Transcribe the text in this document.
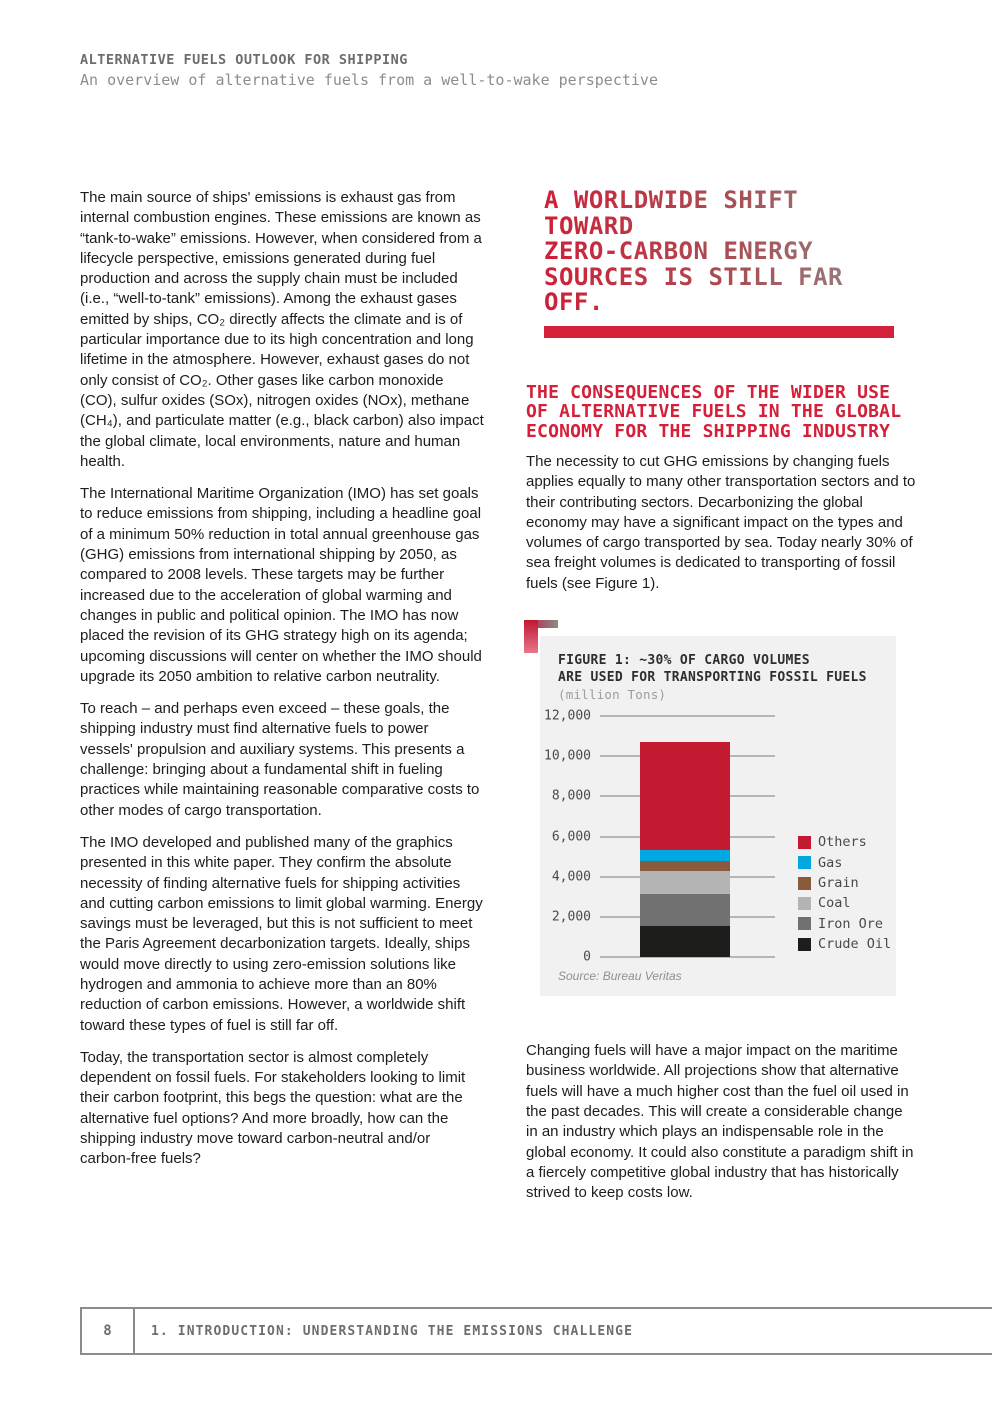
ALTERNATIVE FUELS OUTLOOK FOR SHIPPING
An overview of alternative fuels from a well-to-wake perspective

The main source of ships' emissions is exhaust gas from internal combustion engines. These emissions are known as “tank-to-wake” emissions. However, when considered from a lifecycle perspective, emissions generated during fuel production and across the supply chain must be included (i.e., “well-to-tank” emissions). Among the exhaust gases emitted by ships, CO₂ directly affects the climate and is of particular importance due to its high concentration and long lifetime in the atmosphere. However, exhaust gases do not only consist of CO₂. Other gases like carbon monoxide (CO), sulfur oxides (SOx), nitrogen oxides (NOx), methane (CH₄), and particulate matter (e.g., black carbon) also impact the global climate, local environments, nature and human health.

The International Maritime Organization (IMO) has set goals to reduce emissions from shipping, including a headline goal of a minimum 50% reduction in total annual greenhouse gas (GHG) emissions from international shipping by 2050, as compared to 2008 levels. These targets may be further increased due to the acceleration of global warming and changes in public and political opinion. The IMO has now placed the revision of its GHG strategy high on its agenda; upcoming discussions will center on whether the IMO should upgrade its 2050 ambition to relative carbon neutrality.

To reach – and perhaps even exceed – these goals, the shipping industry must find alternative fuels to power vessels' propulsion and auxiliary systems. This presents a challenge: bringing about a fundamental shift in fueling practices while maintaining reasonable comparative costs to other modes of cargo transportation.

The IMO developed and published many of the graphics presented in this white paper. They confirm the absolute necessity of finding alternative fuels for shipping activities and cutting carbon emissions to limit global warming. Energy savings must be leveraged, but this is not sufficient to meet the Paris Agreement decarbonization targets. Ideally, ships would move directly to using zero-emission solutions like hydrogen and ammonia to achieve more than an 80% reduction of carbon emissions. However, a worldwide shift toward these types of fuel is still far off.

Today, the transportation sector is almost completely dependent on fossil fuels. For stakeholders looking to limit their carbon footprint, this begs the question: what are the alternative fuel options? And more broadly, how can the shipping industry move toward carbon-neutral and/or carbon-free fuels?

A WORLDWIDE SHIFT TOWARD
ZERO-CARBON ENERGY
SOURCES IS STILL FAR OFF.
THE CONSEQUENCES OF THE WIDER USE
OF ALTERNATIVE FUELS IN THE GLOBAL
ECONOMY FOR THE SHIPPING INDUSTRY

The necessity to cut GHG emissions by changing fuels applies equally to many other transportation sectors and to their contributing sectors. Decarbonizing the global economy may have a significant impact on the types and volumes of cargo transported by sea. Today nearly 30% of sea freight volumes is dedicated to transporting of fossil fuels (see Figure 1).

FIGURE 1: ~30% OF CARGO VOLUMES
ARE USED FOR TRANSPORTING FOSSIL FUELS
(million Tons)
0
2,000
4,000
6,000
8,000
10,000
12,000
Others
Gas
Grain
Coal
Iron Ore
Crude Oil
Source: Bureau Veritas

Changing fuels will have a major impact on the maritime business worldwide. All projections show that alternative fuels will have a much higher cost than the fuel oil used in the past decades. This will create a considerable change in an industry which plays an indispensable role in the global economy. It could also constitute a paradigm shift in a fiercely competitive global industry that has historically strived to keep costs low.

8	1. INTRODUCTION: UNDERSTANDING THE EMISSIONS CHALLENGE
